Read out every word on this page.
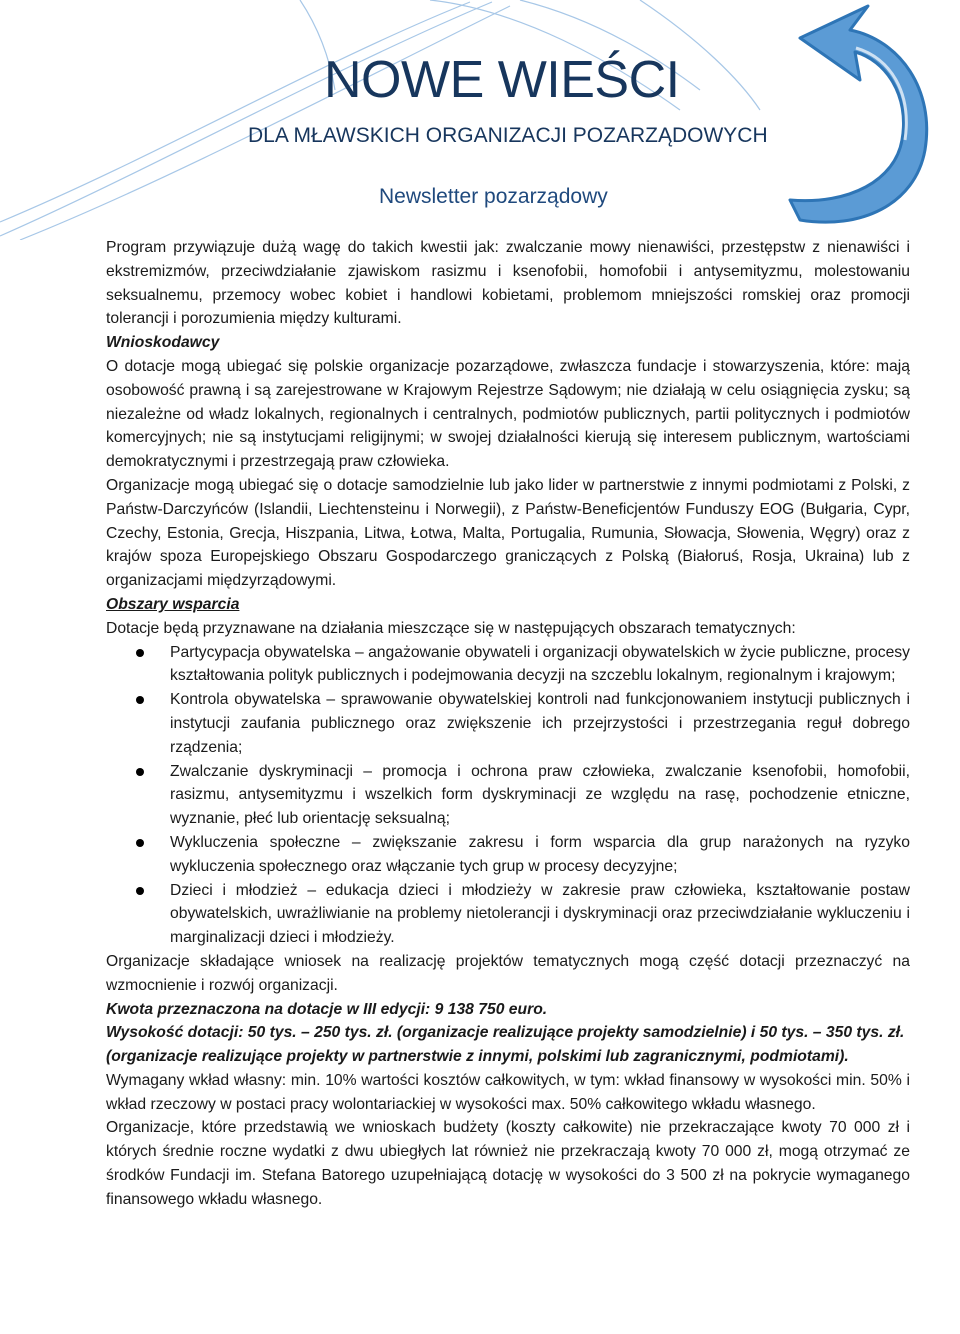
NOWE WIEŚCI
DLA MŁAWSKICH ORGANIZACJI POZARZĄDOWYCH
Newsletter pozarządowy

Program przywiązuje dużą wagę do takich kwestii jak: zwalczanie mowy nienawiści, przestępstw z nienawiści i ekstremizmów, przeciwdziałanie zjawiskom rasizmu i ksenofobii, homofobii i antysemityzmu, molestowaniu seksualnemu, przemocy wobec kobiet i handlowi kobietami, problemom mniejszości romskiej oraz promocji tolerancji i porozumienia między kulturami.

Wnioskodawcy

O dotacje mogą ubiegać się polskie organizacje pozarządowe, zwłaszcza fundacje i stowarzyszenia, które: mają osobowość prawną i są zarejestrowane w Krajowym Rejestrze Sądowym; nie działają w celu osiągnięcia zysku; są niezależne od władz lokalnych, regionalnych i centralnych, podmiotów publicznych, partii politycznych i podmiotów komercyjnych; nie są instytucjami religijnymi; w swojej działalności kierują się interesem publicznym, wartościami demokratycznymi i przestrzegają praw człowieka.

Organizacje mogą ubiegać się o dotacje samodzielnie lub jako lider w partnerstwie z innymi podmiotami z Polski, z Państw-Darczyńców (Islandii, Liechtensteinu i Norwegii), z Państw-Beneficjentów Funduszy EOG (Bułgaria, Cypr, Czechy, Estonia, Grecja, Hiszpania, Litwa, Łotwa, Malta, Portugalia, Rumunia, Słowacja, Słowenia, Węgry) oraz z krajów spoza Europejskiego Obszaru Gospodarczego graniczących z Polską (Białoruś, Rosja, Ukraina) lub z organizacjami międzyrządowymi.

Obszary wsparcia

Dotacje będą przyznawane na działania mieszczące się w następujących obszarach tematycznych:

Partycypacja obywatelska – angażowanie obywateli i organizacji obywatelskich w życie publiczne, procesy kształtowania polityk publicznych i podejmowania decyzji na szczeblu lokalnym, regionalnym i krajowym;
Kontrola obywatelska – sprawowanie obywatelskiej kontroli nad funkcjonowaniem instytucji publicznych i instytucji zaufania publicznego oraz zwiększenie ich przejrzystości i przestrzegania reguł dobrego rządzenia;
Zwalczanie dyskryminacji – promocja i ochrona praw człowieka, zwalczanie ksenofobii, homofobii, rasizmu, antysemityzmu i wszelkich form dyskryminacji ze względu na rasę, pochodzenie etniczne, wyznanie, płeć lub orientację seksualną;
Wykluczenia społeczne – zwiększanie zakresu i form wsparcia dla grup narażonych na ryzyko wykluczenia społecznego oraz włączanie tych grup w procesy decyzyjne;
Dzieci i młodzież – edukacja dzieci i młodzieży w zakresie praw człowieka, kształtowanie postaw obywatelskich, uwrażliwianie na problemy nietolerancji i dyskryminacji oraz przeciwdziałanie wykluczeniu i marginalizacji dzieci i młodzieży.

Organizacje składające wniosek na realizację projektów tematycznych mogą część dotacji przeznaczyć na wzmocnienie i rozwój organizacji.

Kwota przeznaczona na dotacje w III edycji: 9 138 750 euro.

Wysokość dotacji: 50 tys. – 250 tys. zł. (organizacje realizujące projekty samodzielnie) i 50 tys. – 350 tys. zł. (organizacje realizujące projekty w partnerstwie z innymi, polskimi lub zagranicznymi, podmiotami).

Wymagany wkład własny: min. 10% wartości kosztów całkowitych, w tym: wkład finansowy w wysokości min. 50% i wkład rzeczowy w postaci pracy wolontariackiej w wysokości max. 50% całkowitego wkładu własnego.

Organizacje, które przedstawią we wnioskach budżety (koszty całkowite) nie przekraczające kwoty 70 000 zł i których średnie roczne wydatki z dwu ubiegłych lat również nie przekraczają kwoty 70 000 zł, mogą otrzymać ze środków Fundacji im. Stefana Batorego uzupełniającą dotację w wysokości do 3 500 zł na pokrycie wymaganego finansowego wkładu własnego.
